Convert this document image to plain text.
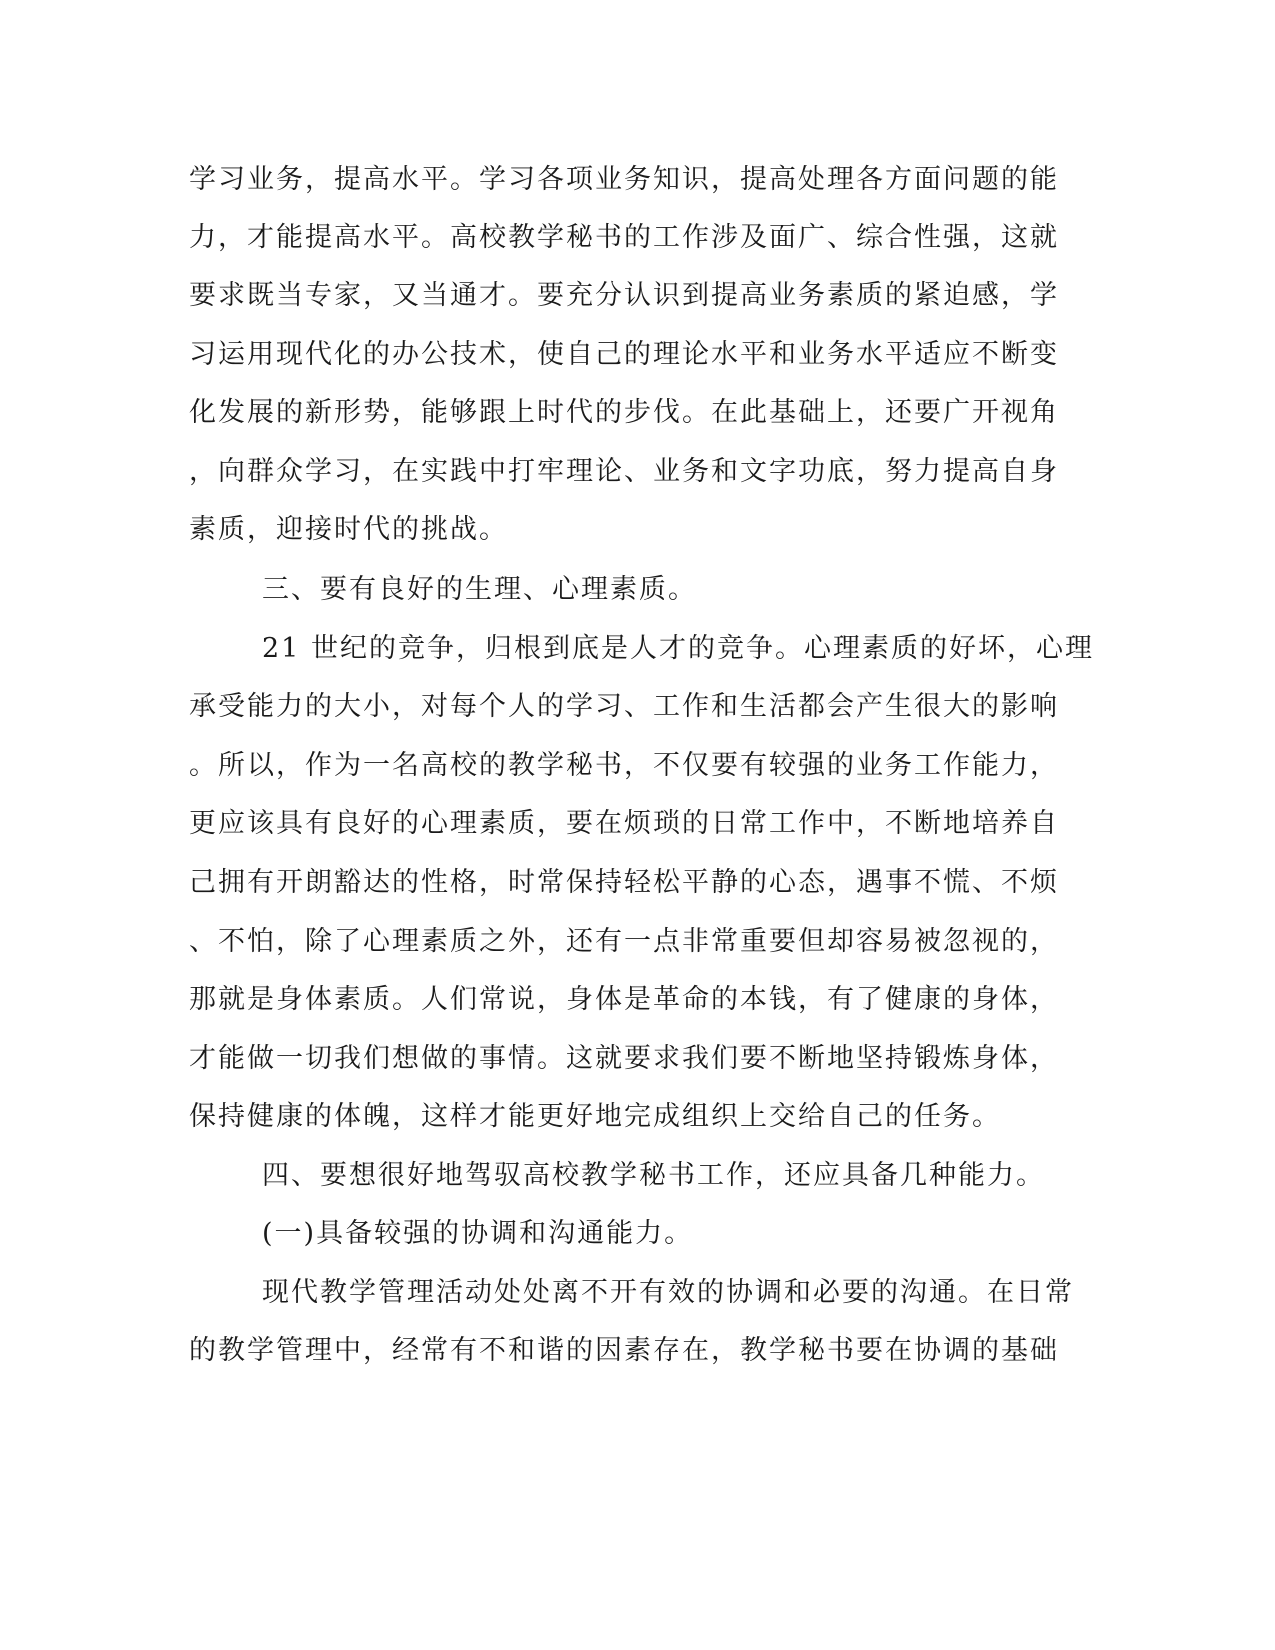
学习业务，提高水平。学习各项业务知识，提高处理各方面问题的能
力，才能提高水平。高校教学秘书的工作涉及面广、综合性强，这就
要求既当专家，又当通才。要充分认识到提高业务素质的紧迫感，学
习运用现代化的办公技术，使自己的理论水平和业务水平适应不断变
化发展的新形势，能够跟上时代的步伐。在此基础上，还要广开视角
，向群众学习，在实践中打牢理论、业务和文字功底，努力提高自身
素质，迎接时代的挑战。
三、要有良好的生理、心理素质。
21 世纪的竞争，归根到底是人才的竞争。心理素质的好坏，心理
承受能力的大小，对每个人的学习、工作和生活都会产生很大的影响
。所以，作为一名高校的教学秘书，不仅要有较强的业务工作能力，
更应该具有良好的心理素质，要在烦琐的日常工作中，不断地培养自
己拥有开朗豁达的性格，时常保持轻松平静的心态，遇事不慌、不烦
、不怕，除了心理素质之外，还有一点非常重要但却容易被忽视的，
那就是身体素质。人们常说，身体是革命的本钱，有了健康的身体，
才能做一切我们想做的事情。这就要求我们要不断地坚持锻炼身体，
保持健康的体魄，这样才能更好地完成组织上交给自己的任务。
四、要想很好地驾驭高校教学秘书工作，还应具备几种能力。
(一)具备较强的协调和沟通能力。
现代教学管理活动处处离不开有效的协调和必要的沟通。在日常
的教学管理中，经常有不和谐的因素存在，教学秘书要在协调的基础
